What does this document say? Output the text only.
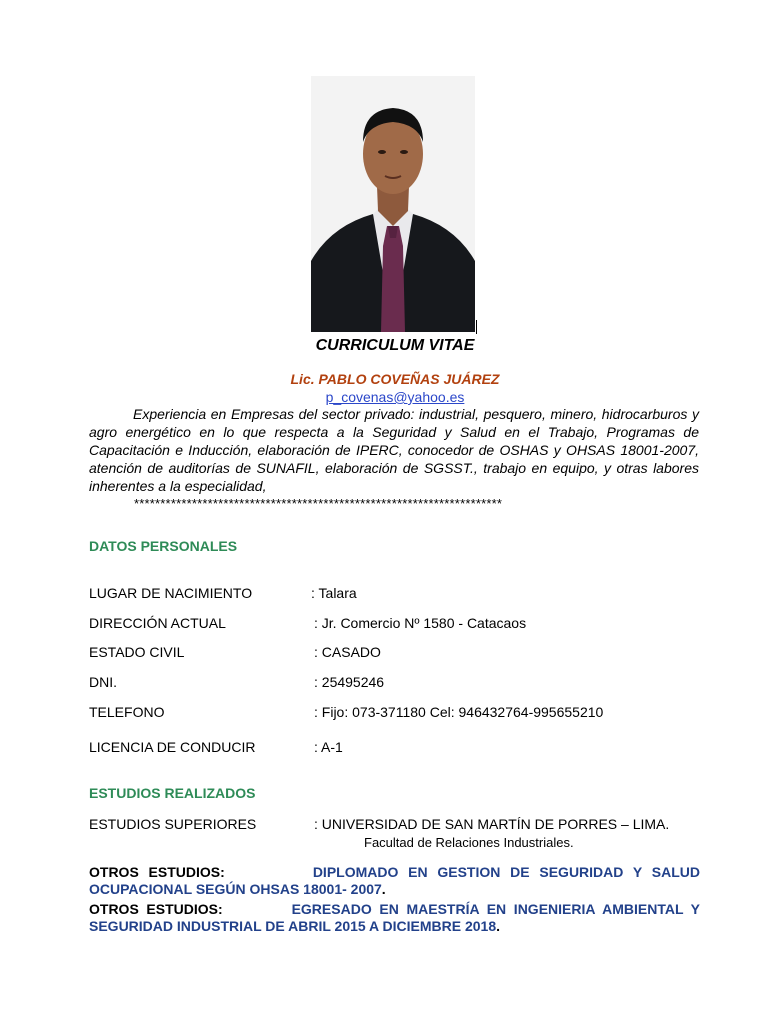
CURRICULUM VITAE
Lic. PABLO COVEÑAS JUÁREZ
p_covenas@yahoo.es

Experiencia en Empresas del sector privado: industrial, pesquero, minero, hidrocarburos y agro energético en lo que respecta a la Seguridad y Salud en el Trabajo, Programas de Capacitación e Inducción, elaboración de IPERC, conocedor de OSHAS y OHSAS 18001-2007, atención de auditorías de SUNAFIL, elaboración de SGSST., trabajo en equipo, y otras labores inherentes a la especialidad,

**********************************************************************
DATOS PERSONALES
LUGAR DE NACIMIENTO	: Talara
DIRECCIÓN ACTUAL	: Jr. Comercio Nº 1580 - Catacaos
ESTADO CIVIL	: CASADO
DNI.	: 25495246
TELEFONO	: Fijo: 073-371180 Cel: 946432764-995655210
LICENCIA DE CONDUCIR	: A-1
ESTUDIOS REALIZADOS
ESTUDIOS SUPERIORES	: UNIVERSIDAD DE SAN MARTÍN DE PORRES – LIMA.
Facultad de Relaciones Industriales.
OTROS ESTUDIOS:	DIPLOMADO EN GESTION DE SEGURIDAD Y SALUD OCUPACIONAL SEGÚN OHSAS 18001- 2007.
OTROS ESTUDIOS:	EGRESADO EN MAESTRÍA EN INGENIERIA AMBIENTAL Y SEGURIDAD INDUSTRIAL DE ABRIL 2015 A DICIEMBRE 2018.
